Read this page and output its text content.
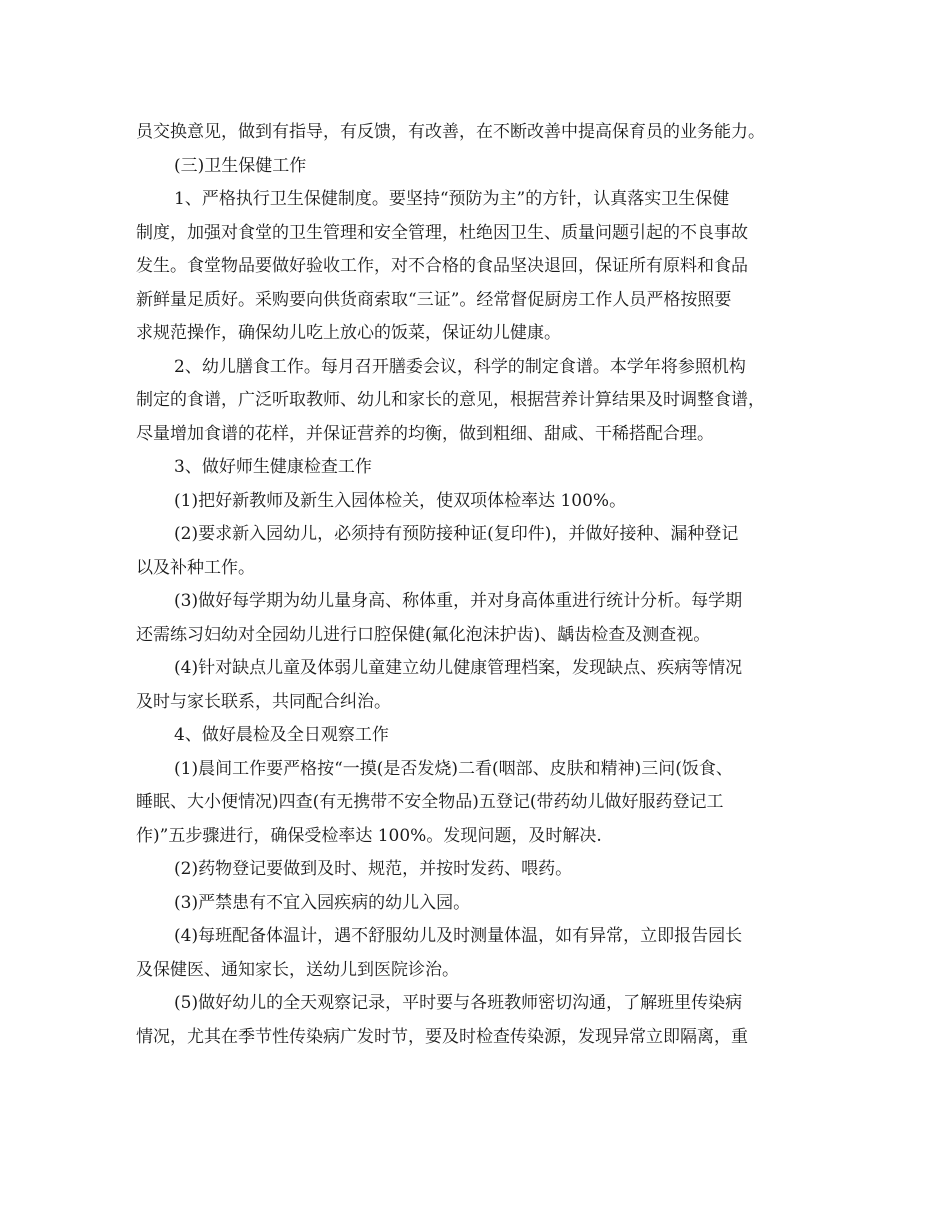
员交换意见，做到有指导，有反馈，有改善，在不断改善中提高保育员的业务能力。
(三)卫生保健工作
1、严格执行卫生保健制度。要坚持“预防为主”的方针，认真落实卫生保健
制度，加强对食堂的卫生管理和安全管理，杜绝因卫生、质量问题引起的不良事故
发生。食堂物品要做好验收工作，对不合格的食品坚决退回，保证所有原料和食品
新鲜量足质好。采购要向供货商索取“三证”。经常督促厨房工作人员严格按照要
求规范操作，确保幼儿吃上放心的饭菜，保证幼儿健康。
2、幼儿膳食工作。每月召开膳委会议，科学的制定食谱。本学年将参照机构
制定的食谱，广泛听取教师、幼儿和家长的意见，根据营养计算结果及时调整食谱，
尽量增加食谱的花样，并保证营养的均衡，做到粗细、甜咸、干稀搭配合理。
3、做好师生健康检查工作
(1)把好新教师及新生入园体检关，使双项体检率达 100%。
(2)要求新入园幼儿，必须持有预防接种证(复印件)，并做好接种、漏种登记
以及补种工作。
(3)做好每学期为幼儿量身高、称体重，并对身高体重进行统计分析。每学期
还需练习妇幼对全园幼儿进行口腔保健(氟化泡沫护齿)、龋齿检查及测查视。
(4)针对缺点儿童及体弱儿童建立幼儿健康管理档案，发现缺点、疾病等情况
及时与家长联系，共同配合纠治。
4、做好晨检及全日观察工作
(1)晨间工作要严格按“一摸(是否发烧)二看(咽部、皮肤和精神)三问(饭食、
睡眠、大小便情况)四查(有无携带不安全物品)五登记(带药幼儿做好服药登记工
作)”五步骤进行，确保受检率达 100%。发现问题，及时解决.
(2)药物登记要做到及时、规范，并按时发药、喂药。
(3)严禁患有不宜入园疾病的幼儿入园。
(4)每班配备体温计，遇不舒服幼儿及时测量体温，如有异常，立即报告园长
及保健医、通知家长，送幼儿到医院诊治。
(5)做好幼儿的全天观察记录，平时要与各班教师密切沟通，了解班里传染病
情况，尤其在季节性传染病广发时节，要及时检查传染源，发现异常立即隔离，重
